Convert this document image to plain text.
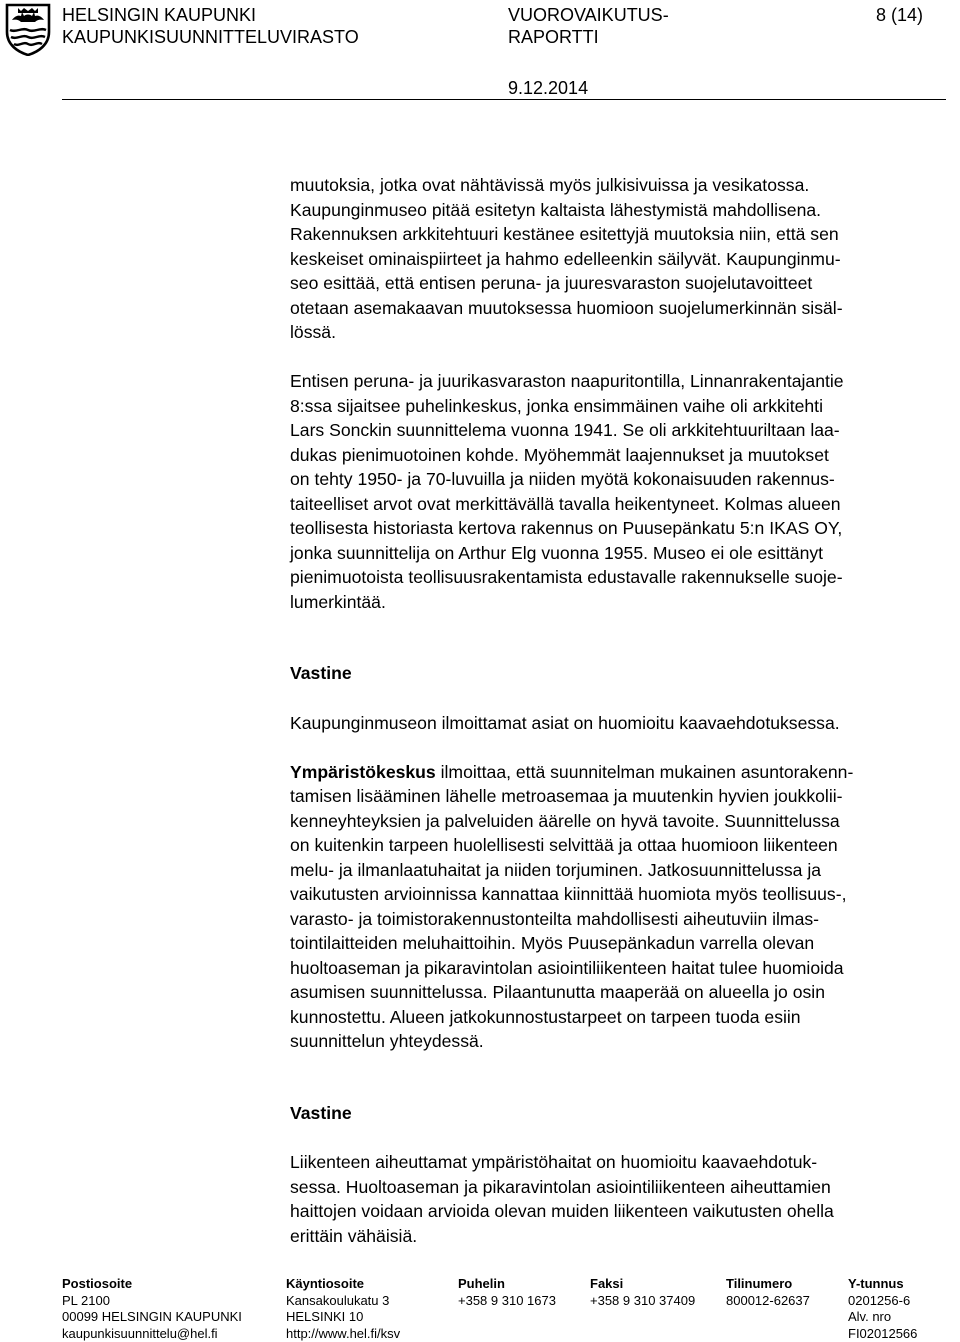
HELSINGIN KAUPUNKI
KAUPUNKISUUNNITTELUVIRASTO
VUOROVAIKUTUS-
RAPORTTI
8 (14)
9.12.2014

muutoksia, jotka ovat nähtävissä myös julkisivuissa ja vesikatossa.
Kaupunginmuseo pitää esitetyn kaltaista lähestymistä mahdollisena.
Rakennuksen arkkitehtuuri kestänee esitettyjä muutoksia niin, että sen
keskeiset ominaispiirteet ja hahmo edelleenkin säilyvät. Kaupunginmu-
seo esittää, että entisen peruna- ja juuresvaraston suojelutavoitteet
otetaan asemakaavan muutoksessa huomioon suojelumerkinnän sisäl-
lössä.

Entisen peruna- ja juurikasvaraston naapuritontilla, Linnanrakentajantie
8:ssa sijaitsee puhelinkeskus, jonka ensimmäinen vaihe oli arkkitehti
Lars Sonckin suunnittelema vuonna 1941. Se oli arkkitehtuuriltaan laa-
dukas pienimuotoinen kohde. Myöhemmät laajennukset ja muutokset
on tehty 1950- ja 70-luvuilla ja niiden myötä kokonaisuuden rakennus-
taiteelliset arvot ovat merkittävällä tavalla heikentyneet. Kolmas alueen
teollisesta historiasta kertova rakennus on Puusepänkatu 5:n IKAS OY,
jonka suunnittelija on Arthur Elg vuonna 1955. Museo ei ole esittänyt
pienimuotoista teollisuusrakentamista edustavalle rakennukselle suoje-
lumerkintää.

Vastine

Kaupunginmuseon ilmoittamat asiat on huomioitu kaavaehdotuksessa.

Ympäristökeskus ilmoittaa, että suunnitelman mukainen asuntorakenn-
tamisen lisääminen lähelle metroasemaa ja muutenkin hyvien joukkolii-
kenneyhteyksien ja palveluiden äärelle on hyvä tavoite. Suunnittelussa
on kuitenkin tarpeen huolellisesti selvittää ja ottaa huomioon liikenteen
melu- ja ilmanlaatuhaitat ja niiden torjuminen. Jatkosuunnittelussa ja
vaikutusten arvioinnissa kannattaa kiinnittää huomiota myös teollisuus-,
varasto- ja toimistorakennustonteilta mahdollisesti aiheutuviin ilmas-
tointilaitteiden meluhaittoihin. Myös Puusepänkadun varrella olevan
huoltoaseman ja pikaravintolan asiointiliikenteen haitat tulee huomioida
asumisen suunnittelussa. Pilaantunutta maaperää on alueella jo osin
kunnostettu. Alueen jatkokunnostustarpeet on tarpeen tuoda esiin
suunnittelun yhteydessä.

Vastine

Liikenteen aiheuttamat ympäristöhaitat on huomioitu kaavaehdotuk-
sessa. Huoltoaseman ja pikaravintolan asiointiliikenteen aiheuttamien
haittojen voidaan arvioida olevan muiden liikenteen vaikutusten ohella
erittäin vähäisiä.

Postiosoite
PL 2100
00099 HELSINGIN KAUPUNKI
kaupunkisuunnittelu@hel.fi
Käyntiosoite
Kansakoulukatu 3
HELSINKI 10
http://www.hel.fi/ksv
Puhelin
+358 9 310 1673
Faksi
+358 9 310 37409
Tilinumero
800012-62637
Y-tunnus
0201256-6
Alv. nro
FI02012566
